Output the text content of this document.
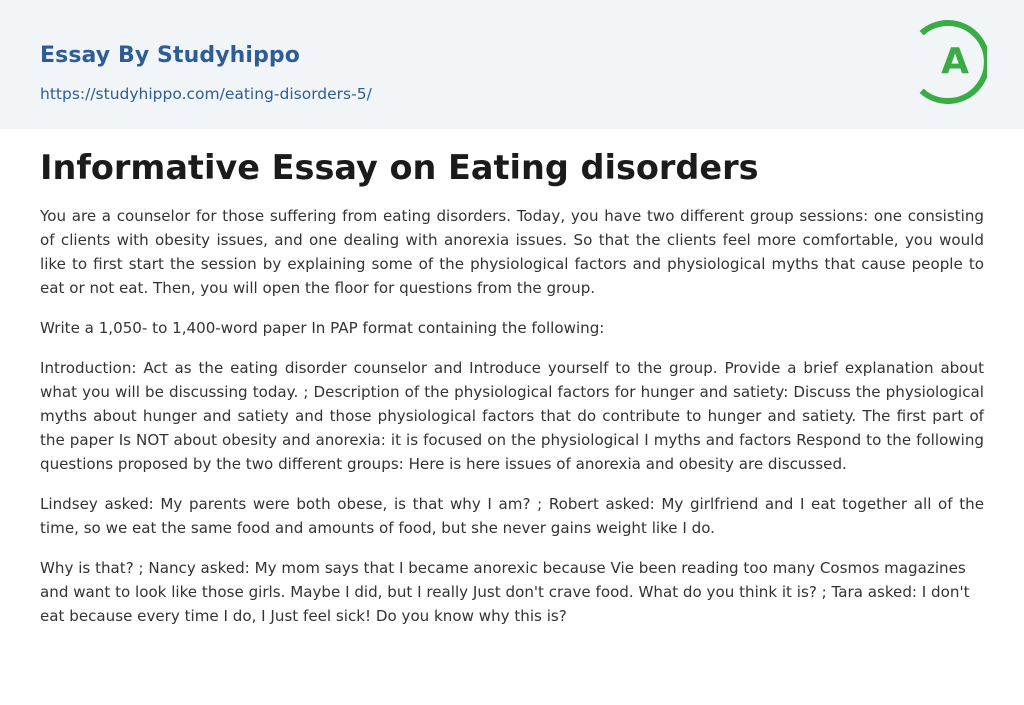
Essay By Studyhippo
https://studyhippo.com/eating-disorders-5/
A
Informative Essay on Eating disorders

You are a counselor for those suffering from eating disorders. Today, you have two different group sessions: one consisting of clients with obesity issues, and one dealing with anorexia issues. So that the clients feel more comfortable, you would like to first start the session by explaining some of the physiological factors and physiological myths that cause people to eat or not eat. Then, you will open the floor for questions from the group.

Write a 1,050- to 1,400-word paper In PAP format containing the following:

Introduction: Act as the eating disorder counselor and Introduce yourself to the group. Provide a brief explanation about what you will be discussing today. ; Description of the physiological factors for hunger and satiety: Discuss the physiological myths about hunger and satiety and those physiological factors that do contribute to hunger and satiety. The first part of the paper Is NOT about obesity and anorexia: it is focused on the physiological I myths and factors Respond to the following questions proposed by the two different groups: Here is here issues of anorexia and obesity are discussed.

Lindsey asked: My parents were both obese, is that why I am? ; Robert asked: My girlfriend and I eat together all of the time, so we eat the same food and amounts of food, but she never gains weight like I do.

Why is that? ; Nancy asked: My mom says that I became anorexic because Vie been reading too many Cosmos magazines and want to look like those girls. Maybe I did, but I really Just don't crave food. What do you think it is? ; Tara asked: I don't eat because every time I do, I Just feel sick! Do you know why this is?
